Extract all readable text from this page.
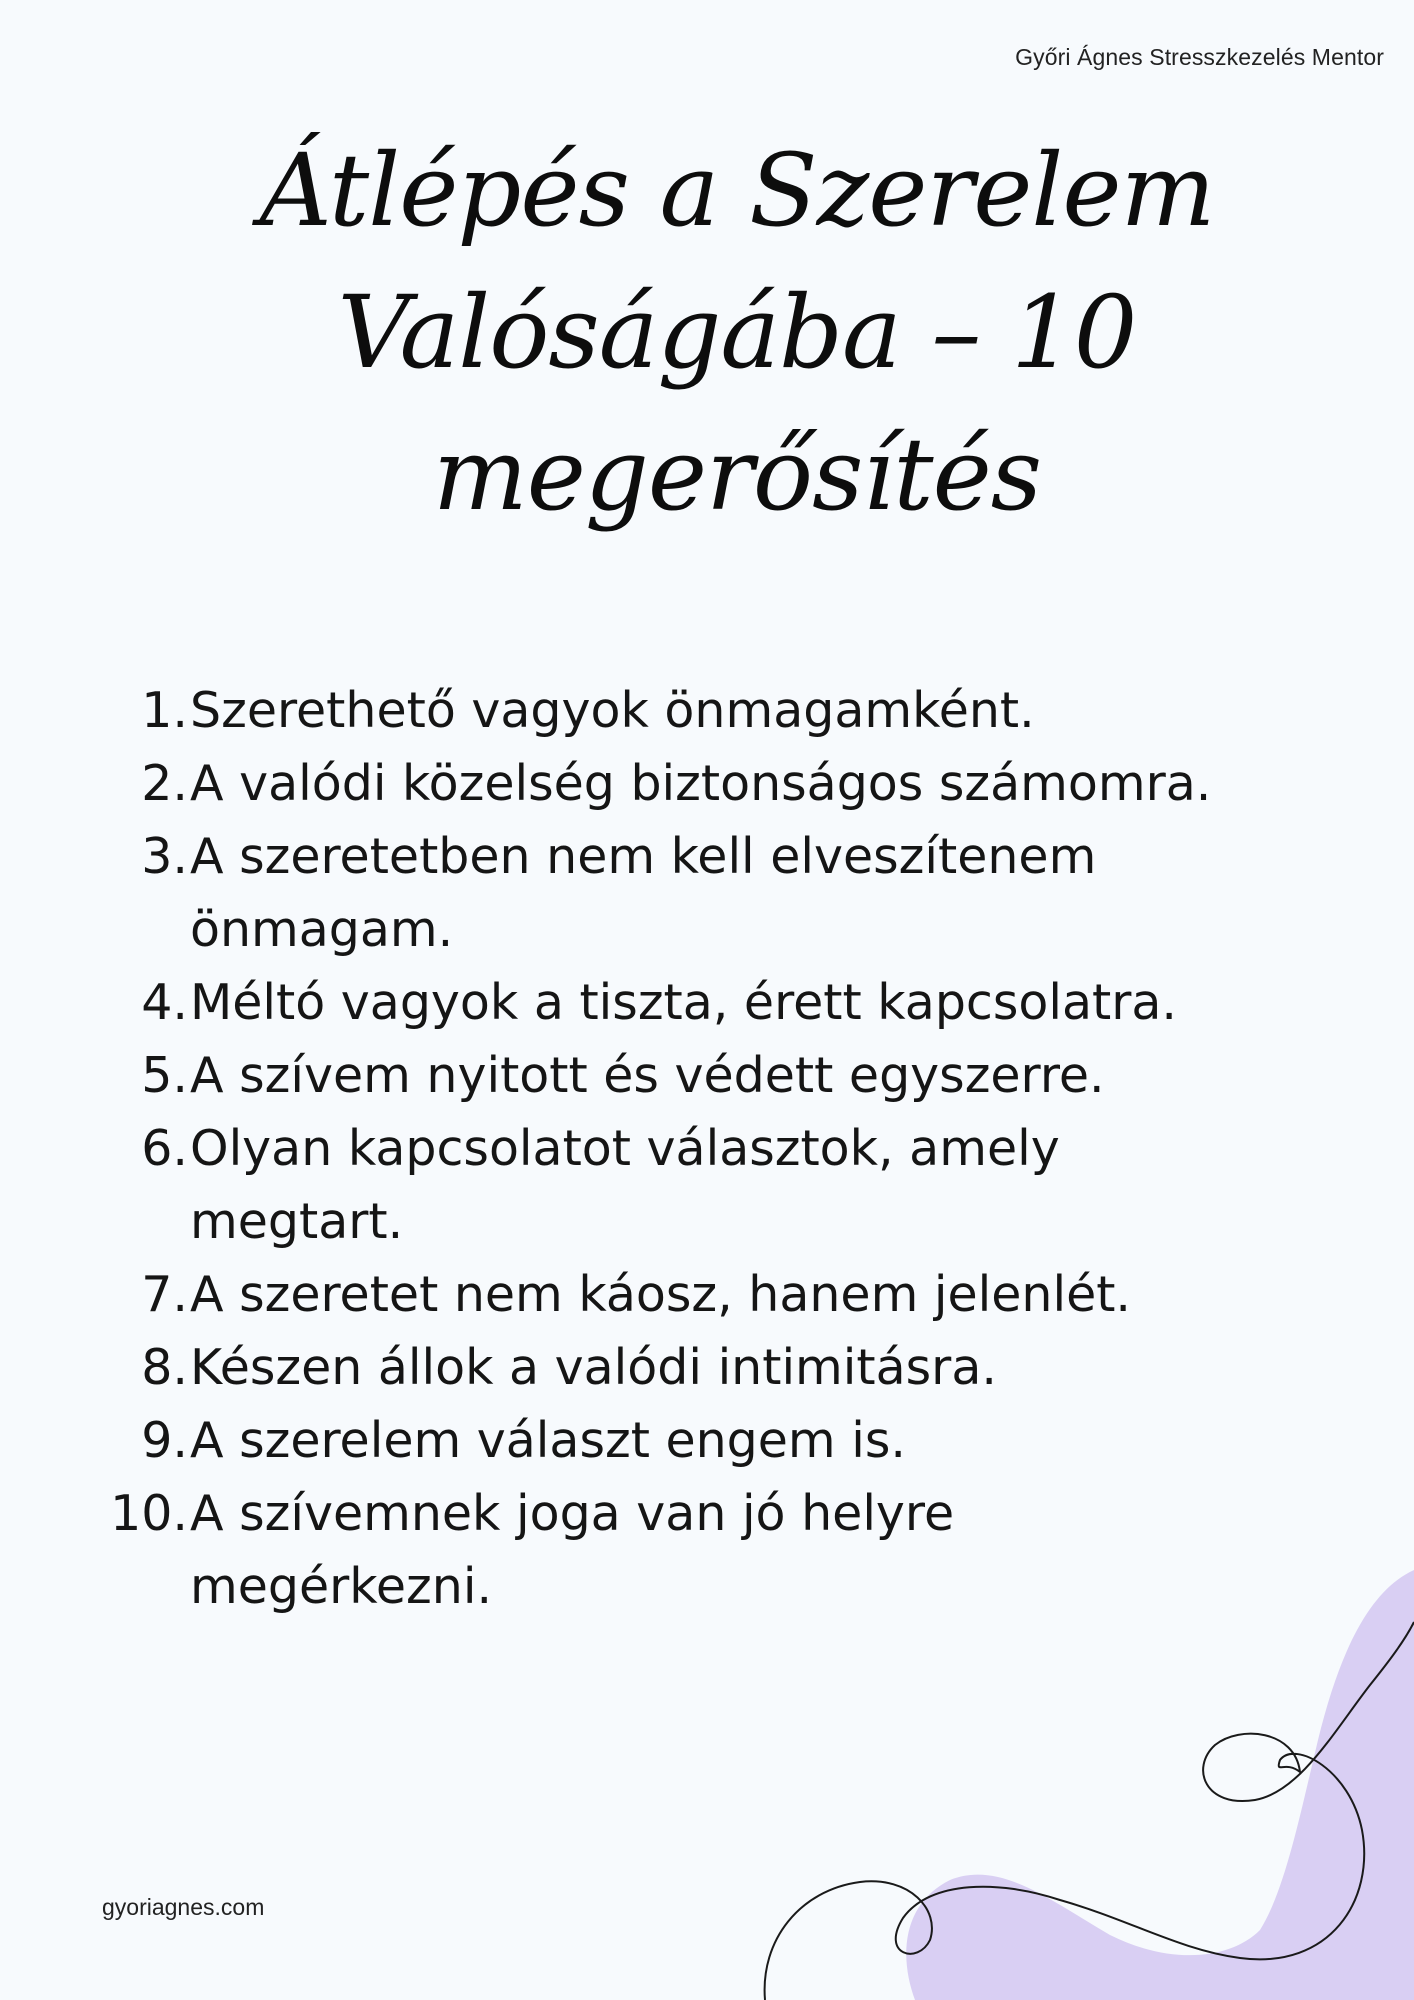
Győri Ágnes Stresszkezelés Mentor
Átlépés a Szerelem
Valóságába – 10
megerősítés
1. Szerethető vagyok önmagamként.
2. A valódi közelség biztonságos számomra.
3. A szeretetben nem kell elveszítenem önmagam.
4. Méltó vagyok a tiszta, érett kapcsolatra.
5. A szívem nyitott és védett egyszerre.
6. Olyan kapcsolatot választok, amely megtart.
7. A szeretet nem káosz, hanem jelenlét.
8. Készen állok a valódi intimitásra.
9. A szerelem választ engem is.
10. A szívemnek joga van jó helyre megérkezni.
gyoriagnes.com
